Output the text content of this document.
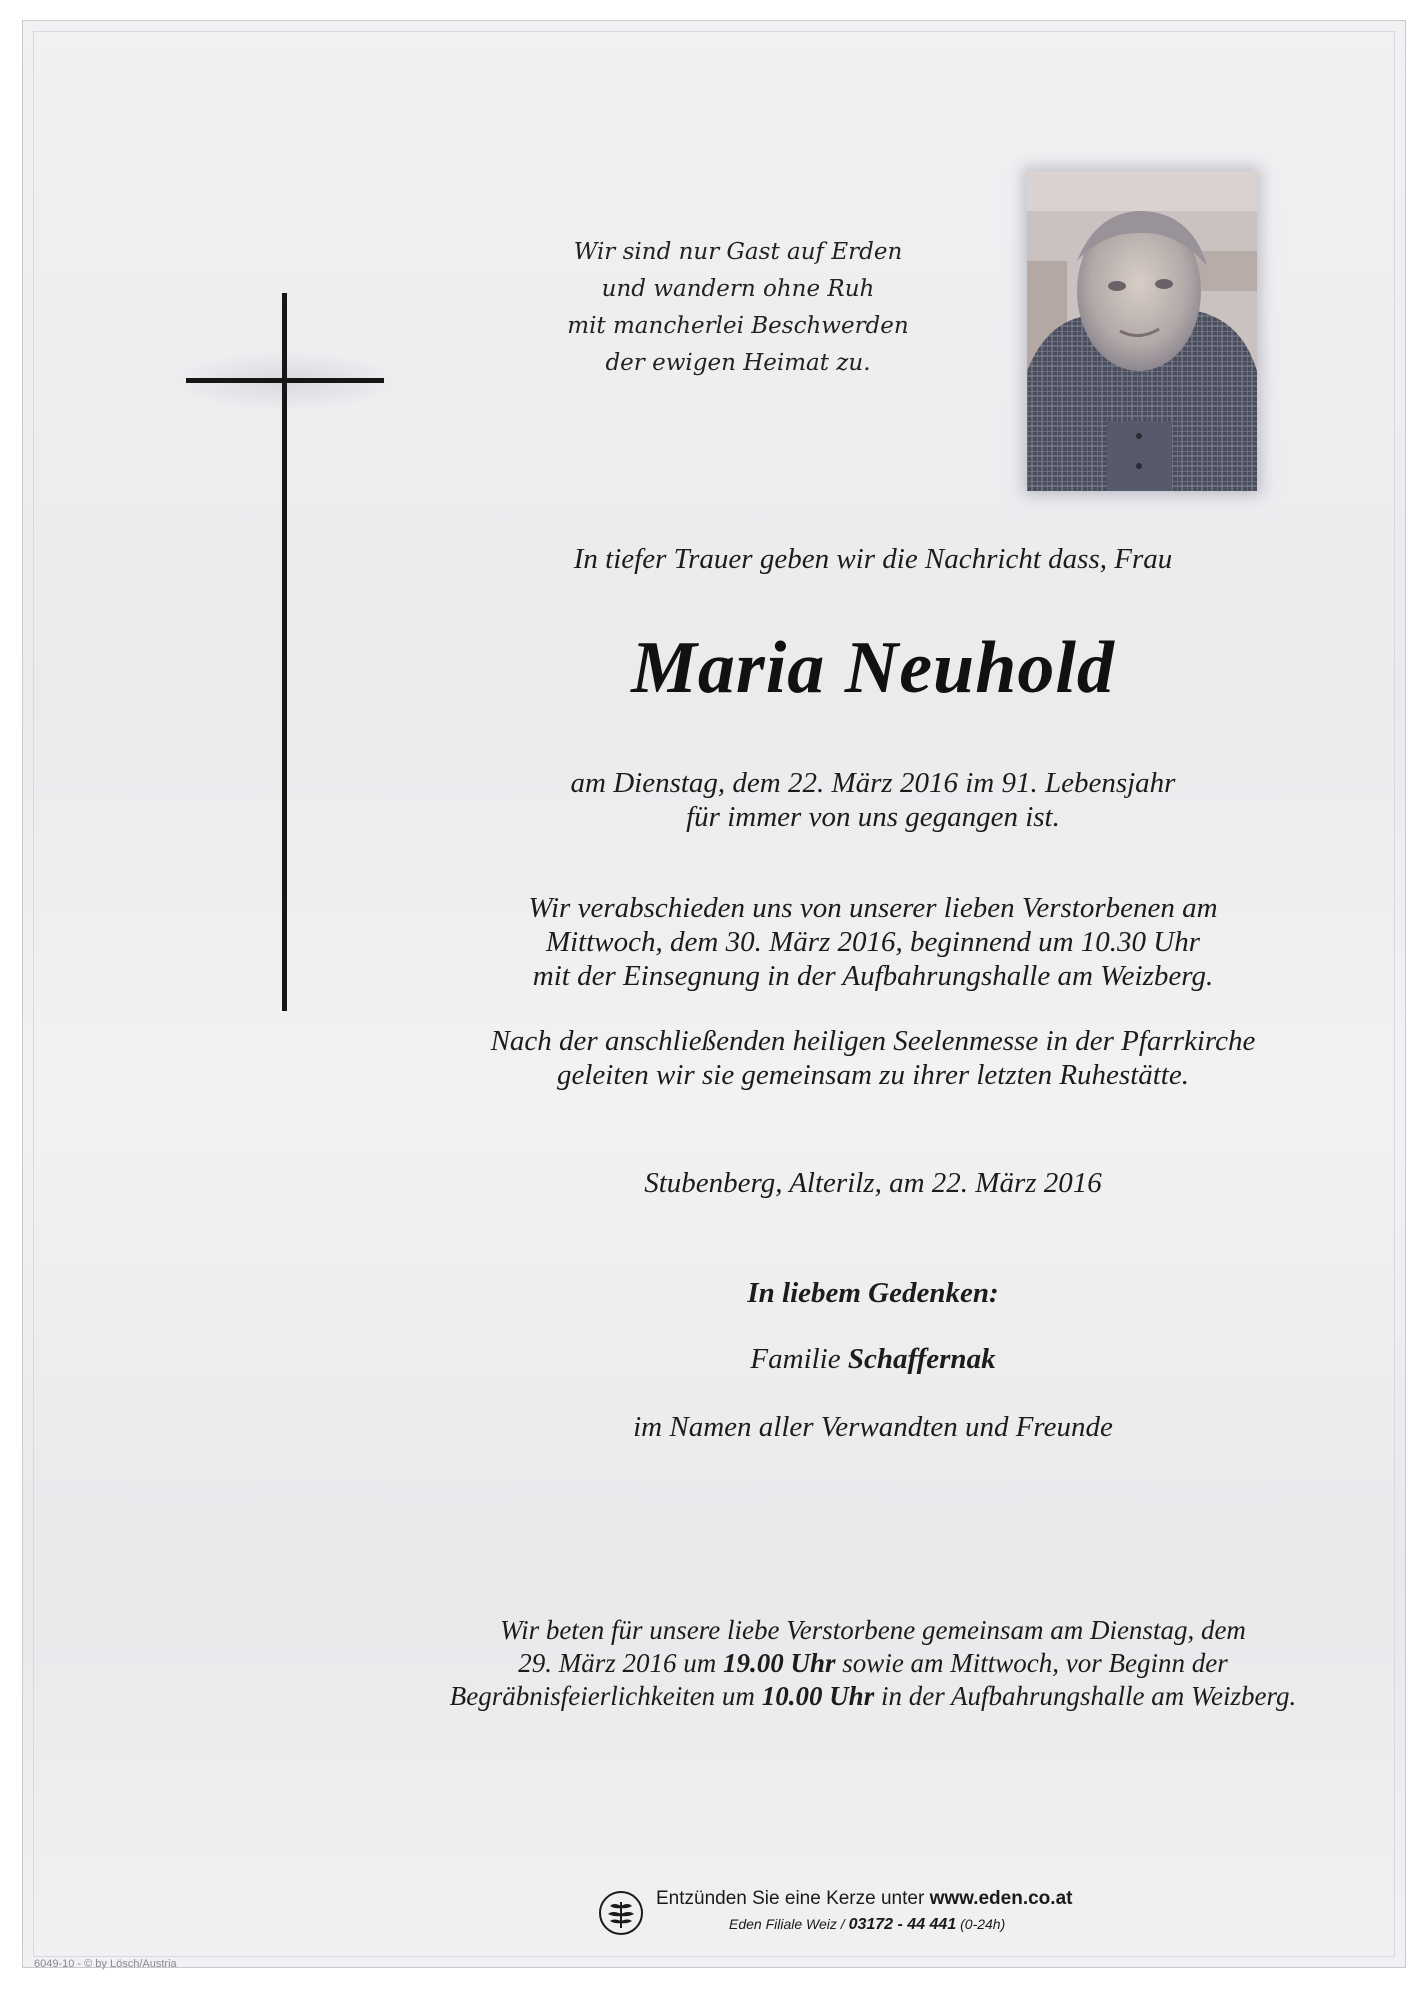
Wir sind nur Gast auf Erden
und wandern ohne Ruh
mit mancherlei Beschwerden
der ewigen Heimat zu.
In tiefer Trauer geben wir die Nachricht dass, Frau
Maria Neuhold
am Dienstag, dem 22. März 2016 im 91. Lebensjahr
für immer von uns gegangen ist.
Wir verabschieden uns von unserer lieben Verstorbenen am
Mittwoch, dem 30. März 2016, beginnend um 10.30 Uhr
mit der Einsegnung in der Aufbahrungshalle am Weizberg.
Nach der anschließenden heiligen Seelenmesse in der Pfarrkirche
geleiten wir sie gemeinsam zu ihrer letzten Ruhestätte.
Stubenberg, Alterilz, am 22. März 2016
In liebem Gedenken:
Familie Schaffernak
im Namen aller Verwandten und Freunde
Wir beten für unsere liebe Verstorbene gemeinsam am Dienstag, dem
29. März 2016 um 19.00 Uhr sowie am Mittwoch, vor Beginn der
Begräbnisfeierlichkeiten um 10.00 Uhr in der Aufbahrungshalle am Weizberg.
Entzünden Sie eine Kerze unter www.eden.co.at
Eden Filiale Weiz / 03172 - 44 441 (0-24h)
6049-10 - © by Lösch/Austria
